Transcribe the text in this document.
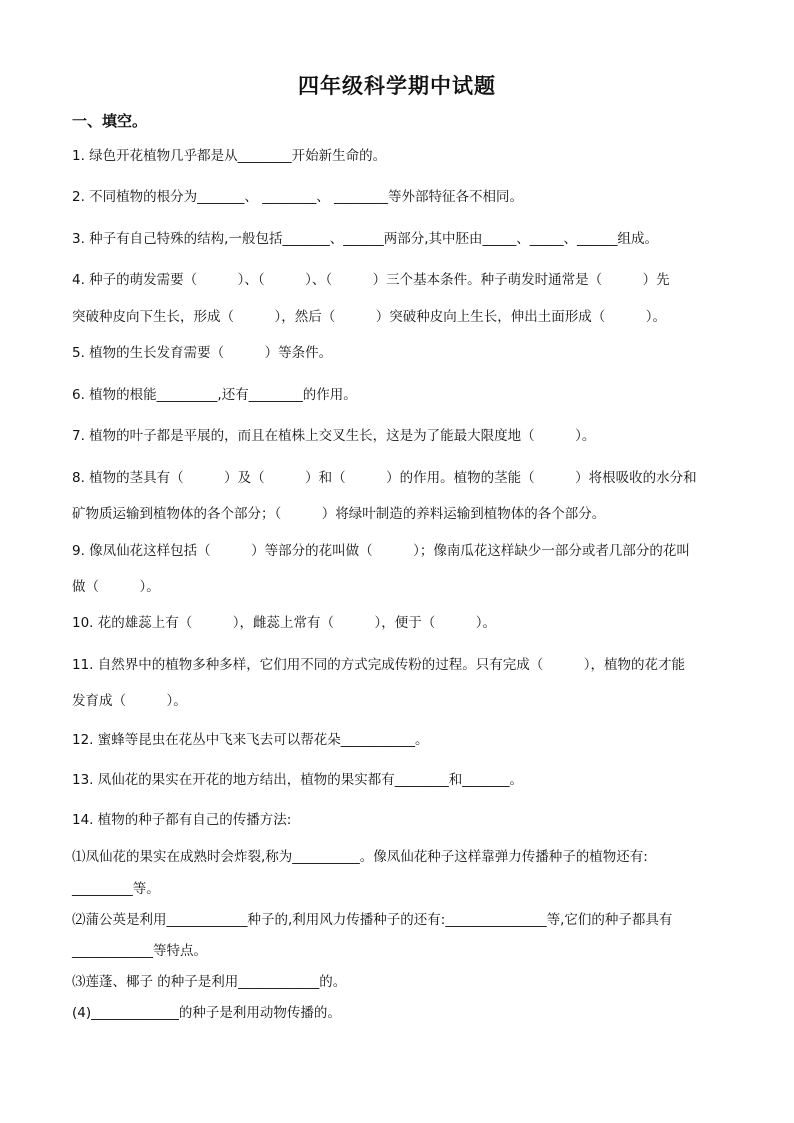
四年级科学期中试题
一、填空。
1. 绿色开花植物几乎都是从________开始新生命的。
2. 不同植物的根分为_______、 ________、 ________等外部特征各不相同。
3. 种子有自己特殊的结构,一般包括_______、______两部分,其中胚由_____、_____、______组成。
4. 种子的萌发需要（　　　）、（　　　）、（　　　）三个基本条件。种子萌发时通常是（　　　）先
突破种皮向下生长，形成（　　　），然后（　　　）突破种皮向上生长，伸出土面形成（　　　）。
5. 植物的生长发育需要（　　　）等条件。
6. 植物的根能_________,还有________的作用。
7. 植物的叶子都是平展的，而且在植株上交叉生长，这是为了能最大限度地（　　　）。
8. 植物的茎具有（　　　）及（　　　）和（　　　）的作用。植物的茎能（　　　）将根吸收的水分和
矿物质运输到植物体的各个部分；（　　　）将绿叶制造的养料运输到植物体的各个部分。
9. 像凤仙花这样包括（　　　）等部分的花叫做（　　　）；像南瓜花这样缺少一部分或者几部分的花叫
做（　　　）。
10. 花的雄蕊上有（　　　），雌蕊上常有（　　　），便于（　　　）。
11. 自然界中的植物多种多样，它们用不同的方式完成传粉的过程。只有完成（　　　），植物的花才能
发育成（　　　）。
12. 蜜蜂等昆虫在花丛中飞来飞去可以帮花朵___________。
13. 凤仙花的果实在开花的地方结出，植物的果实都有________和_______。
14. 植物的种子都有自己的传播方法:
⑴凤仙花的果实在成熟时会炸裂,称为__________。像凤仙花种子这样靠弹力传播种子的植物还有:
_________等。
⑵蒲公英是利用____________种子的,利用风力传播种子的还有:_______________等,它们的种子都具有
____________等特点。
⑶莲蓬、椰子 的种子是利用____________的。
(4)_____________的种子是利用动物传播的。
